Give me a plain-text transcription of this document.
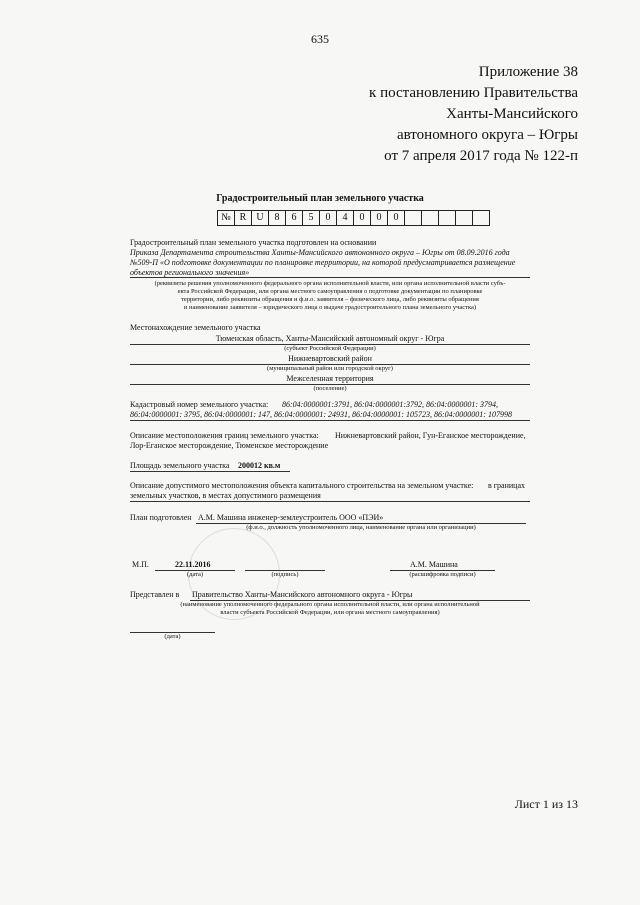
635
Приложение 38
к постановлению Правительства
Ханты-Мансийского
автономного округа – Югры
от 7 апреля 2017 года № 122-п
Градостроительный план земельного участка
№ R	U	8	6	5	0	4	0	0	0
Градостроительный план земельного участка подготовлен на основании
Приказа Департамента строительства Ханты-Мансийского автономного округа – Югры от 08.09.2016 года
№509-П «О подготовке документации по планировке территории, на которой предусматривается размещение
объектов регионального значения»
(реквизиты решения уполномоченного федерального органа исполнительной власти, или органа исполнительной власти субъ-
екта Российской Федерации, или органа местного самоуправления о подготовке документации по планировке
территории, либо реквизиты обращения и ф.и.о. заявителя – физического лица, либо реквизиты обращения
и наименование заявителя – юридического лица о выдаче градостроительного плана земельного участка)
Местонахождение земельного участка
Тюменская область, Ханты-Мансийский автономный округ - Югра
(субъект Российской Федерации)
Нижневартовский район
(муниципальный район или городской округ)
Межселенная территория
(поселение)
Кадастровый номер земельного участка: 86:04:0000001:3791, 86:04:0000001:3792, 86:04:0000001: 3794,
86:04:0000001: 3795, 86:04:0000001: 147, 86:04:0000001: 24931, 86:04:0000001: 105723, 86:04:0000001: 107998
Описание местоположения границ земельного участка: Нижневартовский район, Гун-Еганское месторождение,
Лор-Еганское месторождение, Тюменское месторождение
Площадь земельного участка 200012 кв.м
Описание допустимого местоположения объекта капитального строительства на земельном участке:	в границах
земельных участков, в местах допустимого размещения
План подготовлен А.М. Машина инженер-землеустроитель ООО «ПЭИ»
(ф.и.о., должность уполномоченного лица, наименование органа или организации)
М.П.	22.11.2016
(дата)	(подпись)
А.М. Машина
(расшифровка подписи)
Представлен в Правительство Ханты-Мансийского автономного округа - Югры
(наименование уполномоченного федерального органа исполнительной власти, или органа исполнительной
власти субъекта Российской Федерации, или органа местного самоуправления)
(дата)
Лист 1 из 13
